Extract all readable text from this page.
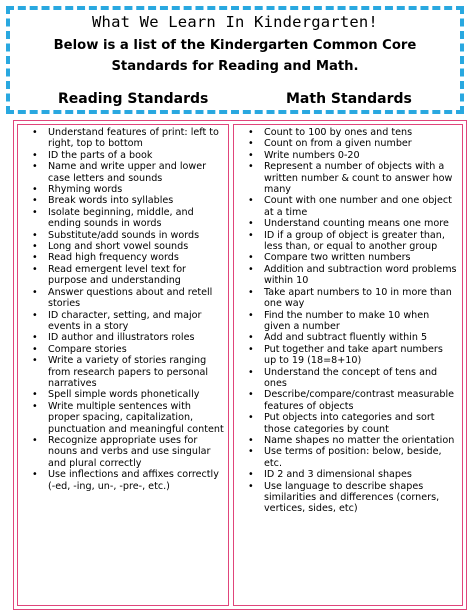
What We Learn In Kindergarten!
Below is a list of the Kindergarten Common Core Standards for Reading and Math.
Reading Standards	Math Standards
• Understand features of print: left to right, top to bottom
• ID the parts of a book
• Name and write upper and lower case letters and sounds
• Rhyming words
• Break words into syllables
• Isolate beginning, middle, and ending sounds in words
• Substitute/add sounds in words
• Long and short vowel sounds
• Read high frequency words
• Read emergent level text for purpose and understanding
• Answer questions about and retell stories
• ID character, setting, and major events in a story
• ID author and illustrators roles
• Compare stories
• Write a variety of stories ranging from research papers to personal narratives
• Spell simple words phonetically
• Write multiple sentences with proper spacing, capitalization, punctuation and meaningful content
• Recognize appropriate uses for nouns and verbs and use singular and plural correctly
• Use inflections and affixes correctly (-ed, -ing, un-, -pre-, etc.)
• Count to 100 by ones and tens
• Count on from a given number
• Write numbers 0-20
• Represent a number of objects with a written number & count to answer how many
• Count with one number and one object at a time
• Understand counting means one more
• ID if a group of object is greater than, less than, or equal to another group
• Compare two written numbers
• Addition and subtraction word problems within 10
• Take apart numbers to 10 in more than one way
• Find the number to make 10 when given a number
• Add and subtract fluently within 5
• Put together and take apart numbers up to 19 (18=8+10)
• Understand the concept of tens and ones
• Describe/compare/contrast measurable features of objects
• Put objects into categories and sort those categories by count
• Name shapes no matter the orientation
• Use terms of position: below, beside, etc.
• ID 2 and 3 dimensional shapes
• Use language to describe shapes similarities and differences (corners, vertices, sides, etc)
